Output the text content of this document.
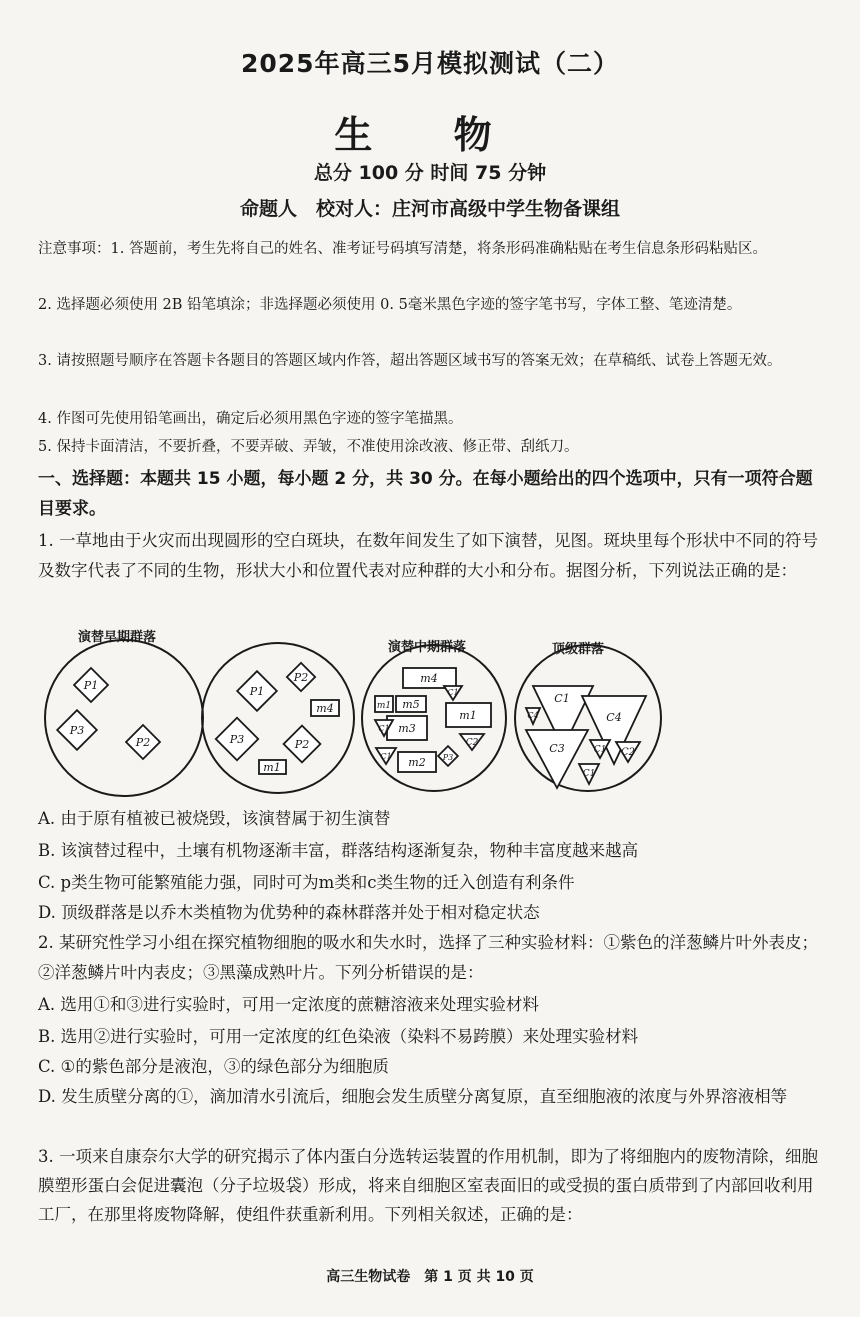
2025年高三5月模拟测试（二）
生 物
总分 100 分 时间 75 分钟
命题人　校对人：庄河市高级中学生物备课组

注意事项：1. 答题前，考生先将自己的姓名、准考证号码填写清楚，将条形码准确粘贴在考生信息条形码粘贴区。

2. 选择题必须使用 2B 铅笔填涂；非选择题必须使用 0. 5毫米黑色字迹的签字笔书写，字体工整、笔迹清楚。

3. 请按照题号顺序在答题卡各题目的答题区域内作答，超出答题区域书写的答案无效；在草稿纸、试卷上答题无效。

4. 作图可先使用铅笔画出，确定后必须用黑色字迹的签字笔描黑。

5. 保持卡面清洁，不要折叠，不要弄破、弄皱，不准使用涂改液、修正带、刮纸刀。

一、选择题：本题共 15 小题，每小题 2 分，共 30 分。在每小题给出的四个选项中，只有一项符合题目要求。

1. 一草地由于火灾而出现圆形的空白斑块，在数年间发生了如下演替，见图。斑块里每个形状中不同的符号及数字代表了不同的生物，形状大小和位置代表对应种群的大小和分布。据图分析，下列说法正确的是：

演替早期群落
演替中期群落	顶级群落
P1
P3
P2
P1
P2
P3	P2
m4
m1
m4
m1 m5
m1
m3
m2 P3
C1
C1
C1
C2
C1
C4
C4
C3	C1 C2
C1

A. 由于原有植被已被烧毁，该演替属于初生演替

B. 该演替过程中，土壤有机物逐渐丰富，群落结构逐渐复杂，物种丰富度越来越高

C. p类生物可能繁殖能力强，同时可为m类和c类生物的迁入创造有利条件

D. 顶级群落是以乔木类植物为优势种的森林群落并处于相对稳定状态

2. 某研究性学习小组在探究植物细胞的吸水和失水时，选择了三种实验材料：①紫色的洋葱鳞片叶外表皮；②洋葱鳞片叶内表皮；③黑藻成熟叶片。下列分析错误的是：

A. 选用①和③进行实验时，可用一定浓度的蔗糖溶液来处理实验材料

B. 选用②进行实验时，可用一定浓度的红色染液（染料不易跨膜）来处理实验材料

C. ①的紫色部分是液泡，③的绿色部分为细胞质

D. 发生质壁分离的①，滴加清水引流后，细胞会发生质壁分离复原，直至细胞液的浓度与外界溶液相等

3. 一项来自康奈尔大学的研究揭示了体内蛋白分选转运装置的作用机制，即为了将细胞内的废物清除，细胞膜塑形蛋白会促进囊泡（分子垃圾袋）形成，将来自细胞区室表面旧的或受损的蛋白质带到了内部回收利用工厂，在那里将废物降解，使组件获重新利用。下列相关叙述，正确的是：

高三生物试卷　第 1 页 共 10 页
